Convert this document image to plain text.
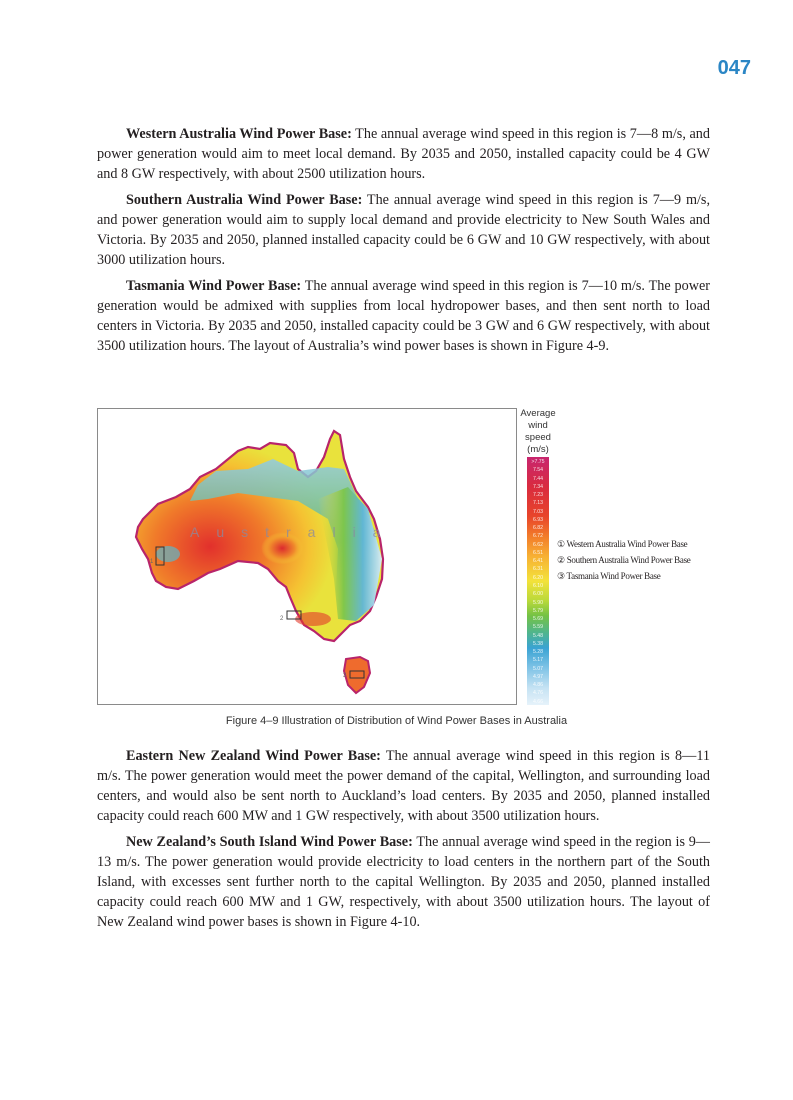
047

Western Australia Wind Power Base: The annual average wind speed in this region is 7—8 m/s, and power generation would aim to meet local demand. By 2035 and 2050, installed capacity could be 4 GW and 8 GW respectively, with about 2500 utilization hours.

Southern Australia Wind Power Base: The annual average wind speed in this region is 7—9 m/s, and power generation would aim to supply local demand and provide electricity to New South Wales and Victoria. By 2035 and 2050, planned installed capacity could be 6 GW and 10 GW respectively, with about 3000 utilization hours.

Tasmania Wind Power Base: The annual average wind speed in this region is 7—10 m/s. The power generation would be admixed with supplies from local hydropower bases, and then sent north to load centers in Victoria. By 2035 and 2050, installed capacity could be 3 GW and 6 GW respectively, with about 3500 utilization hours. The layout of Australia’s wind power bases is shown in Figure 4-9.

1
2
3
Australia
Average wind speed (m/s)
>7.75
7.54
7.44
7.34
7.23
7.13
7.03
6.93
6.82
6.72
6.62
6.51
6.41
6.31
6.20
6.10
6.00
5.90
5.79
5.69
5.59
5.48
5.38
5.28
5.17
5.07
4.97
4.86
4.76
4.66
<4.56
① Western Australia Wind Power Base
② Southern Australia Wind Power Base
③ Tasmania Wind Power Base
Figure 4–9 Illustration of Distribution of Wind Power Bases in Australia

Eastern New Zealand Wind Power Base: The annual average wind speed in this region is 8—11 m/s. The power generation would meet the power demand of the capital, Wellington, and surrounding load centers, and would also be sent north to Auckland’s load centers. By 2035 and 2050, planned installed capacity could reach 600 MW and 1 GW respectively, with about 3500 utilization hours.

New Zealand’s South Island Wind Power Base: The annual average wind speed in the region is 9—13 m/s. The power generation would provide electricity to load centers in the northern part of the South Island, with excesses sent further north to the capital Wellington. By 2035 and 2050, planned installed capacity could reach 600 MW and 1 GW, respectively, with about 3500 utilization hours. The layout of New Zealand wind power bases is shown in Figure 4-10.
